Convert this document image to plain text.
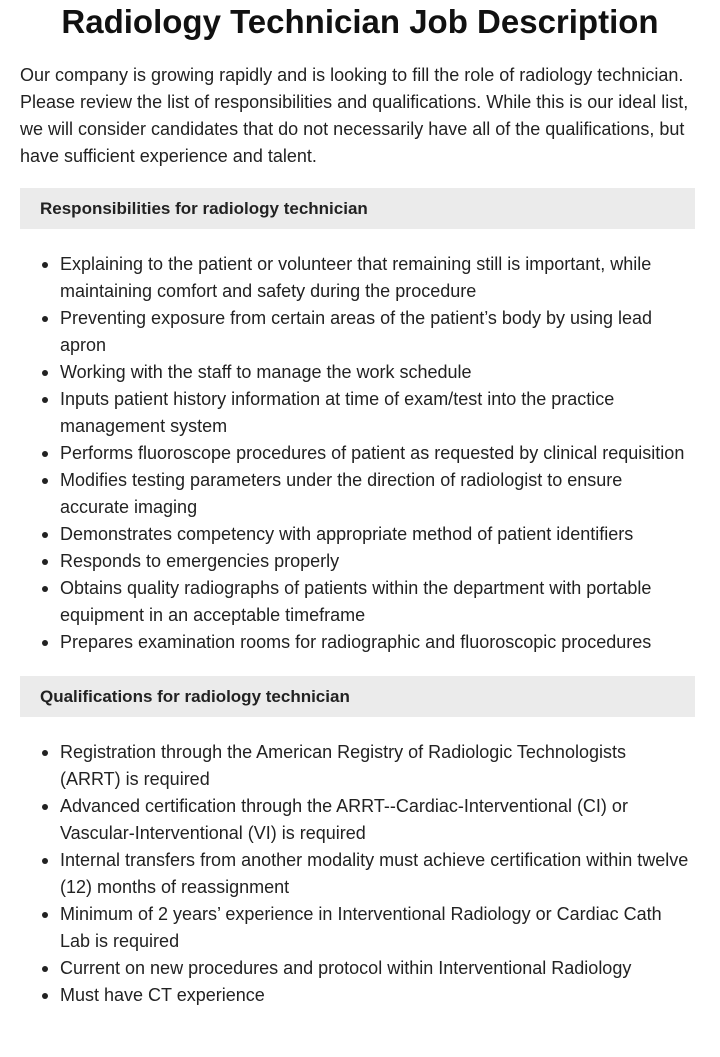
Radiology Technician Job Description

Our company is growing rapidly and is looking to fill the role of radiology technician. Please review the list of responsibilities and qualifications. While this is our ideal list, we will consider candidates that do not necessarily have all of the qualifications, but have sufficient experience and talent.

Responsibilities for radiology technician
Explaining to the patient or volunteer that remaining still is important, while maintaining comfort and safety during the procedure
Preventing exposure from certain areas of the patient’s body by using lead apron
Working with the staff to manage the work schedule
Inputs patient history information at time of exam/test into the practice management system
Performs fluoroscope procedures of patient as requested by clinical requisition
Modifies testing parameters under the direction of radiologist to ensure accurate imaging
Demonstrates competency with appropriate method of patient identifiers
Responds to emergencies properly
Obtains quality radiographs of patients within the department with portable equipment in an acceptable timeframe
Prepares examination rooms for radiographic and fluoroscopic procedures
Qualifications for radiology technician
Registration through the American Registry of Radiologic Technologists (ARRT) is required
Advanced certification through the ARRT--Cardiac-Interventional (CI) or Vascular-Interventional (VI) is required
Internal transfers from another modality must achieve certification within twelve (12) months of reassignment
Minimum of 2 years’ experience in Interventional Radiology or Cardiac Cath Lab is required
Current on new procedures and protocol within Interventional Radiology
Must have CT experience
